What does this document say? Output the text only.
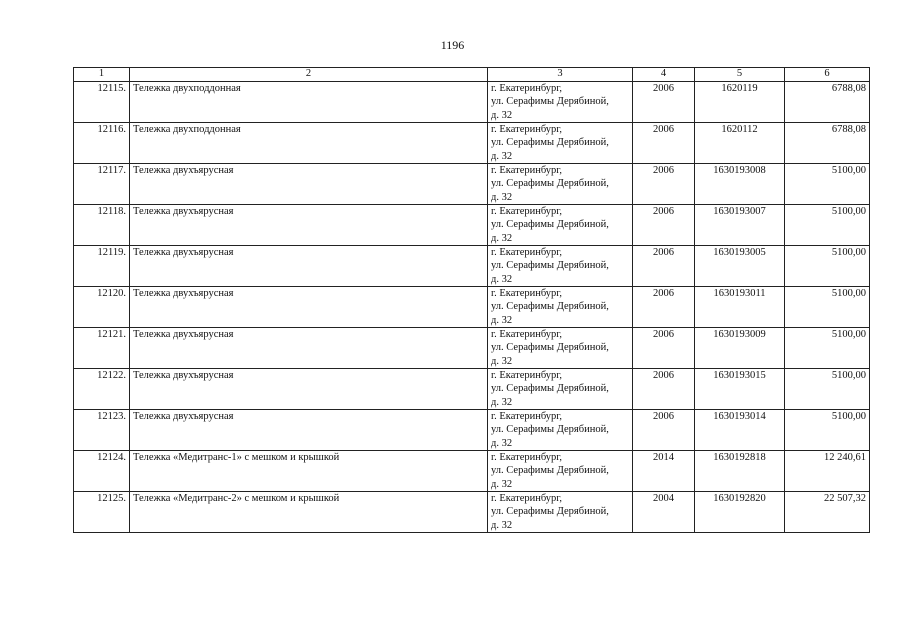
1196
1	2	3	4	5	6
12115.	Тележка двухподдонная	г. Екатеринбург,
ул. Серафимы Дерябиной,
д. 32	2006	1620119	6788,08
12116.	Тележка двухподдонная	г. Екатеринбург,
ул. Серафимы Дерябиной,
д. 32	2006	1620112	6788,08
12117.	Тележка двухъярусная	г. Екатеринбург,
ул. Серафимы Дерябиной,
д. 32	2006	1630193008	5100,00
12118.	Тележка двухъярусная	г. Екатеринбург,
ул. Серафимы Дерябиной,
д. 32	2006	1630193007	5100,00
12119.	Тележка двухъярусная	г. Екатеринбург,
ул. Серафимы Дерябиной,
д. 32	2006	1630193005	5100,00
12120.	Тележка двухъярусная	г. Екатеринбург,
ул. Серафимы Дерябиной,
д. 32	2006	1630193011	5100,00
12121.	Тележка двухъярусная	г. Екатеринбург,
ул. Серафимы Дерябиной,
д. 32	2006	1630193009	5100,00
12122.	Тележка двухъярусная	г. Екатеринбург,
ул. Серафимы Дерябиной,
д. 32	2006	1630193015	5100,00
12123.	Тележка двухъярусная	г. Екатеринбург,
ул. Серафимы Дерябиной,
д. 32	2006	1630193014	5100,00
12124.	Тележка «Медитранс-1» с мешком и крышкой	г. Екатеринбург,
ул. Серафимы Дерябиной,
д. 32	2014	1630192818	12 240,61
12125.	Тележка «Медитранс-2» с мешком и крышкой	г. Екатеринбург,
ул. Серафимы Дерябиной,
д. 32	2004	1630192820	22 507,32
